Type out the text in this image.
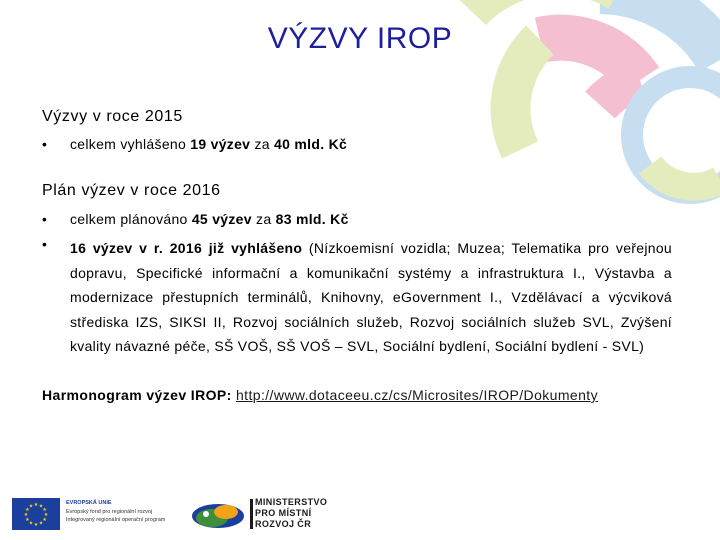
VÝZVY IROP
Výzvy v roce 2015
• celkem vyhlášeno 19 výzev za 40 mld. Kč
Plán výzev v roce 2016
• celkem plánováno 45 výzev za 83 mld. Kč
• 16 výzev v r. 2016 již vyhlášeno (Nízkoemisní vozidla; Muzea; Telematika pro veřejnou dopravu, Specifické informační a komunikační systémy a infrastruktura I., Výstavba a modernizace přestupních terminálů, Knihovny, eGovernment I., Vzdělávací a výcviková střediska IZS, SIKSI II, Rozvoj sociálních služeb, Rozvoj sociálních služeb SVL, Zvýšení kvality návazné péče, SŠ VOŠ, SŠ VOŠ – SVL, Sociální bydlení, Sociální bydlení - SVL)
Harmonogram výzev IROP: http://www.dotaceeu.cz/cs/Microsites/IROP/Dokumenty
★ ★
★
★
★
★
★
★
★
★
★
★
EVROPSKÁ UNIE
Evropský fond pro regionální rozvoj
Integrovaný regionální operační program
MINISTERSTVO
PRO MÍSTNÍ
ROZVOJ ČR
